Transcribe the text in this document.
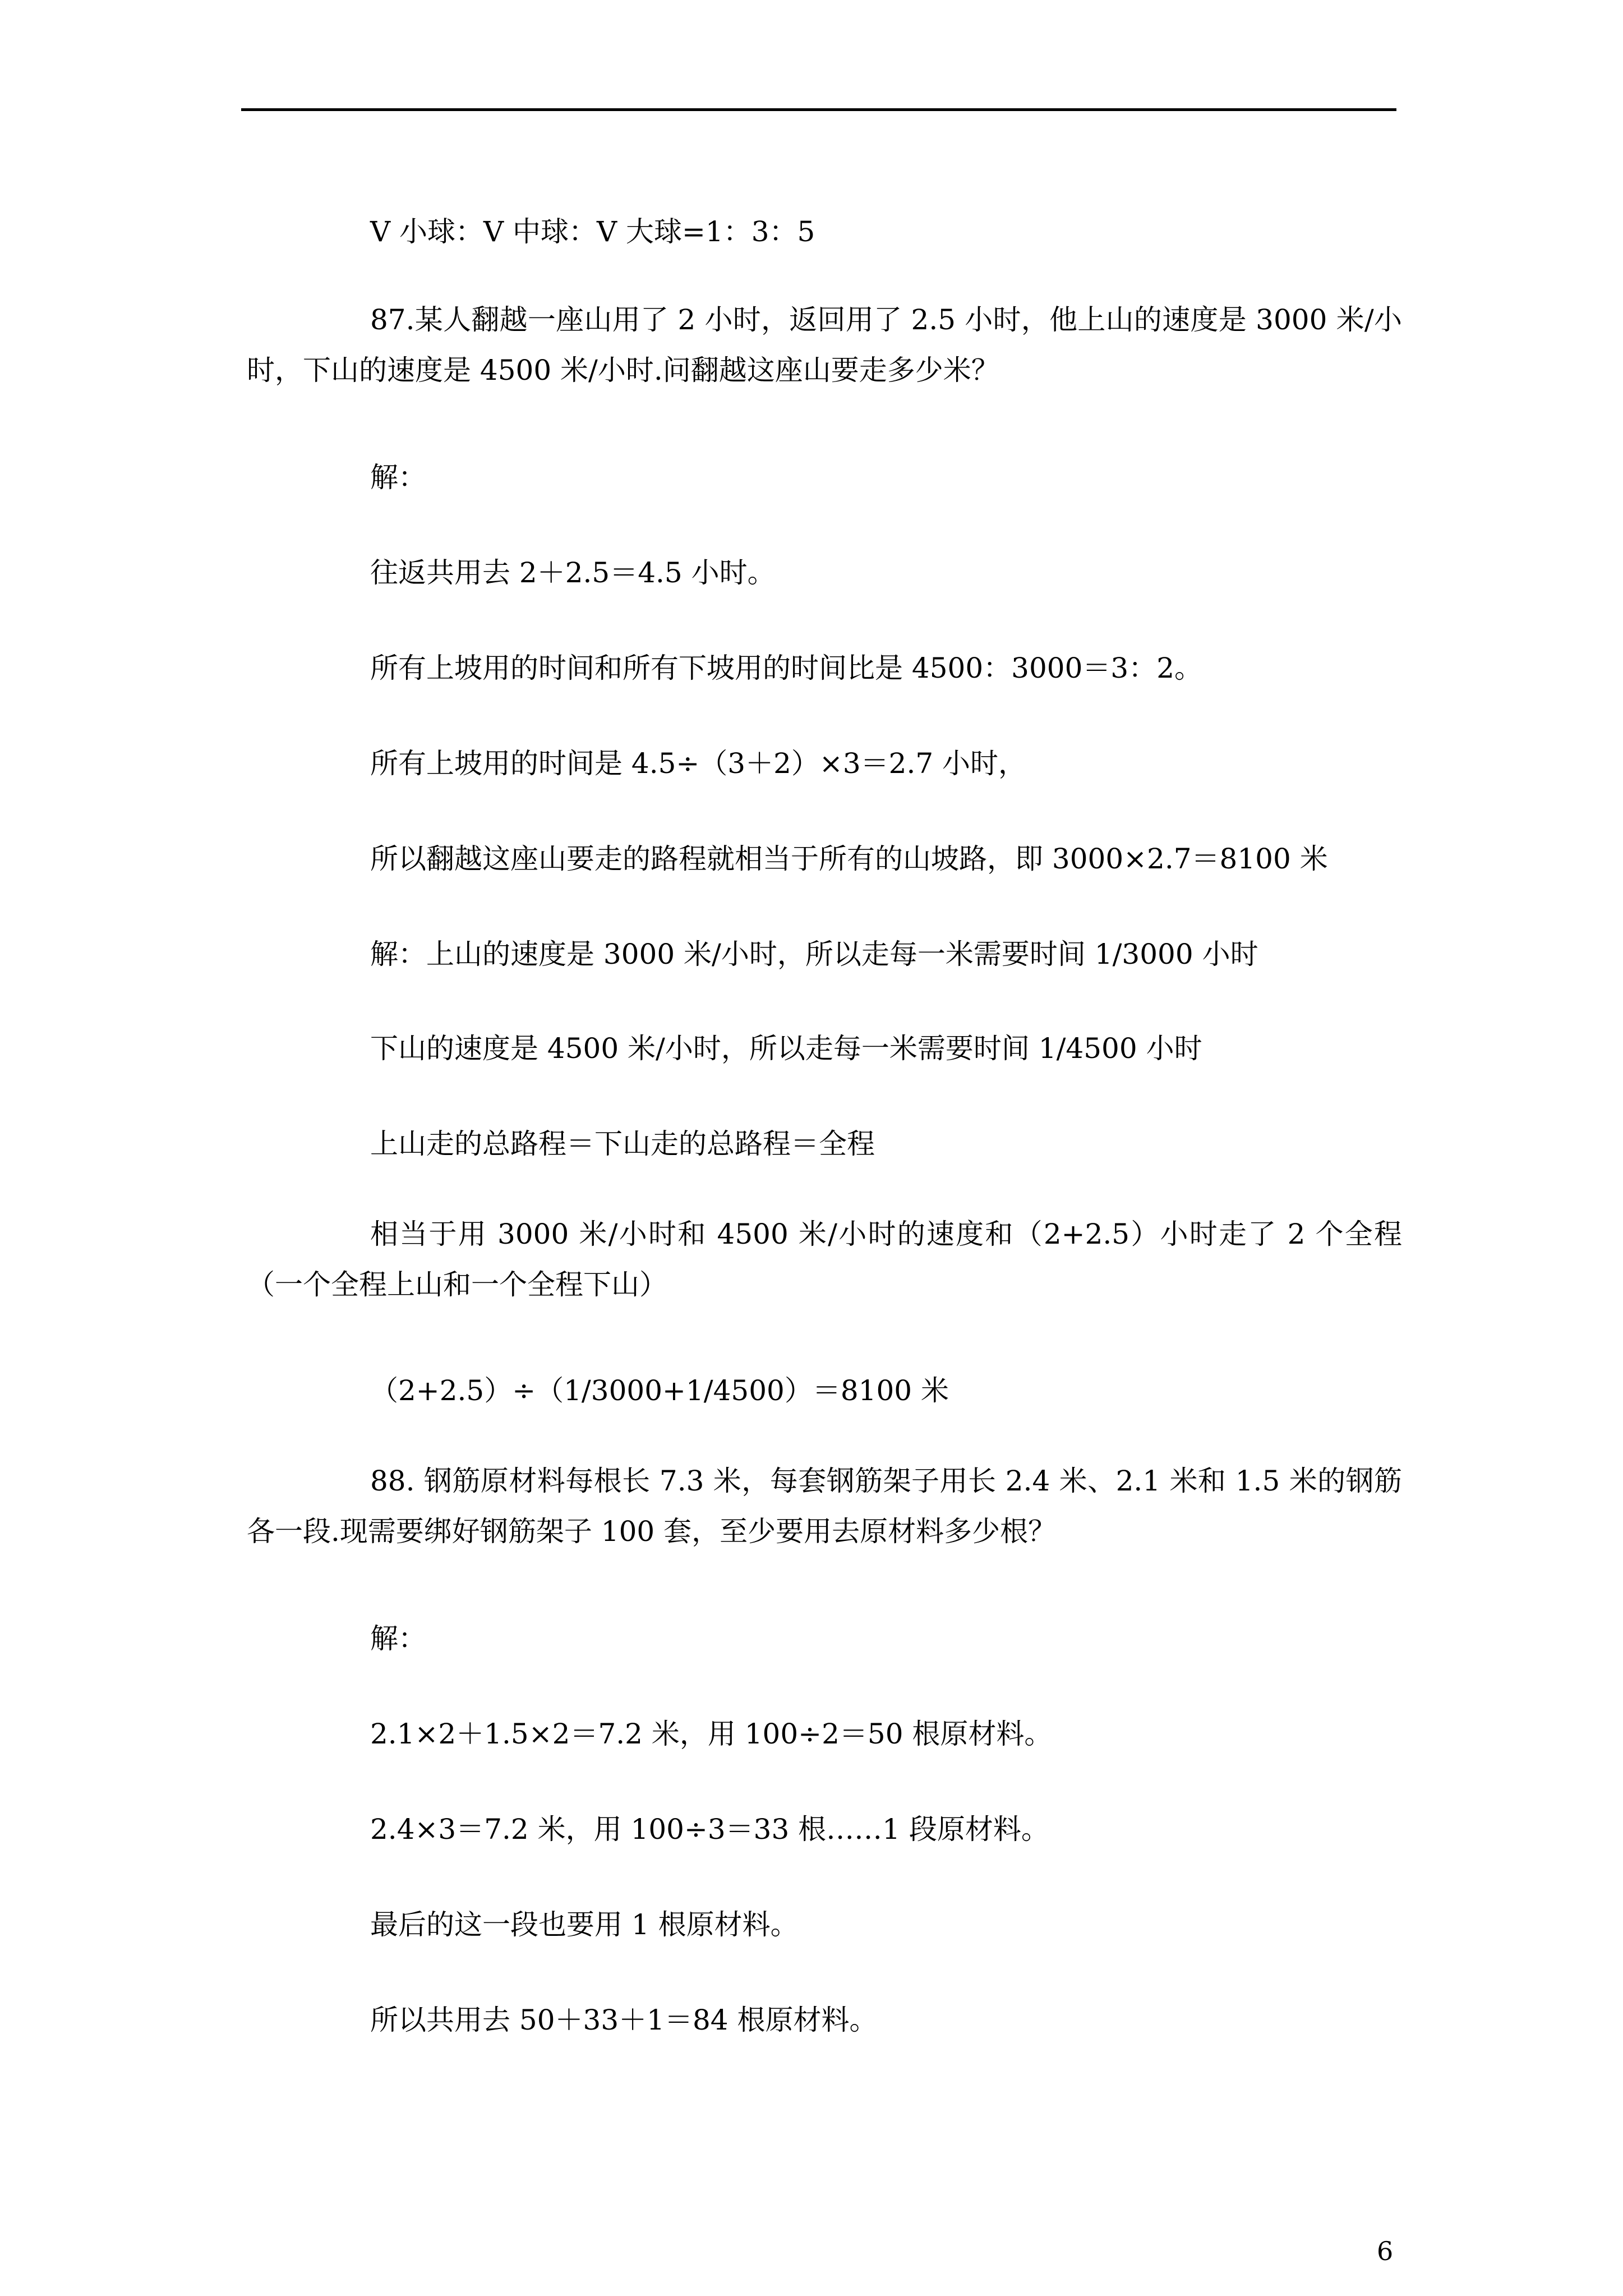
V 小球：V 中球：V 大球=1：3：5

87.某人翻越一座山用了 2 小时，返回用了 2.5 小时，他上山的速度是 3000 米/小时，下山的速度是 4500 米/小时.问翻越这座山要走多少米？

解：

往返共用去 2＋2.5＝4.5 小时。

所有上坡用的时间和所有下坡用的时间比是 4500：3000＝3：2。

所有上坡用的时间是 4.5÷（3＋2）×3＝2.7 小时，

所以翻越这座山要走的路程就相当于所有的山坡路，即 3000×2.7＝8100 米

解：上山的速度是 3000 米/小时，所以走每一米需要时间 1/3000 小时

下山的速度是 4500 米/小时，所以走每一米需要时间 1/4500 小时

上山走的总路程＝下山走的总路程＝全程

相当于用 3000 米/小时和 4500 米/小时的速度和（2+2.5）小时走了 2 个全程（一个全程上山和一个全程下山）

（2+2.5）÷（1/3000+1/4500）＝8100 米

88. 钢筋原材料每根长 7.3 米，每套钢筋架子用长 2.4 米、2.1 米和 1.5 米的钢筋各一段.现需要绑好钢筋架子 100 套，至少要用去原材料多少根？

解：

2.1×2＋1.5×2＝7.2 米，用 100÷2＝50 根原材料。

2.4×3＝7.2 米，用 100÷3＝33 根……1 段原材料。

最后的这一段也要用 1 根原材料。

所以共用去 50＋33＋1＝84 根原材料。

6
